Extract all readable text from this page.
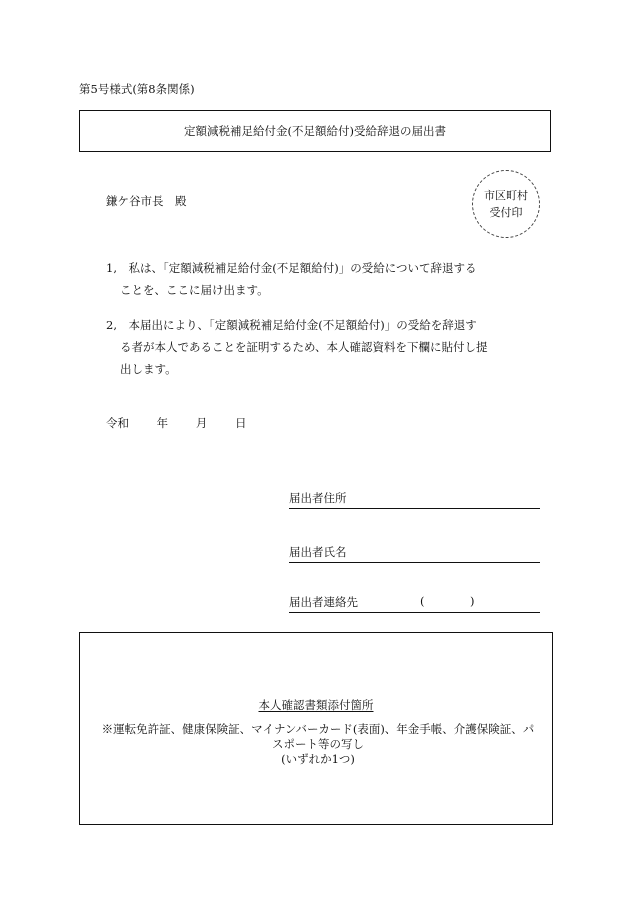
第5号様式(第8条関係)
定額減税補足給付金(不足額給付)受給辞退の届出書
鎌ケ谷市長　殿	市区町村
受付印
1,　私は、「定額減税補足給付金(不足額給付)」の受給について辞退する
ことを、ここに届け出ます。
2,　本届出により、「定額減税補足給付金(不足額給付)」の受給を辞退す
る者が本人であることを証明するため、本人確認資料を下欄に貼付し提
出します。
令和 年 月 日
届出者住所
届出者氏名
届出者連絡先	(	)
本人確認書類添付箇所
※運転免許証、健康保険証、マイナンバーカード(表面)、年金手帳、介護保険証、パ
スポート等の写し
(いずれか1つ)
